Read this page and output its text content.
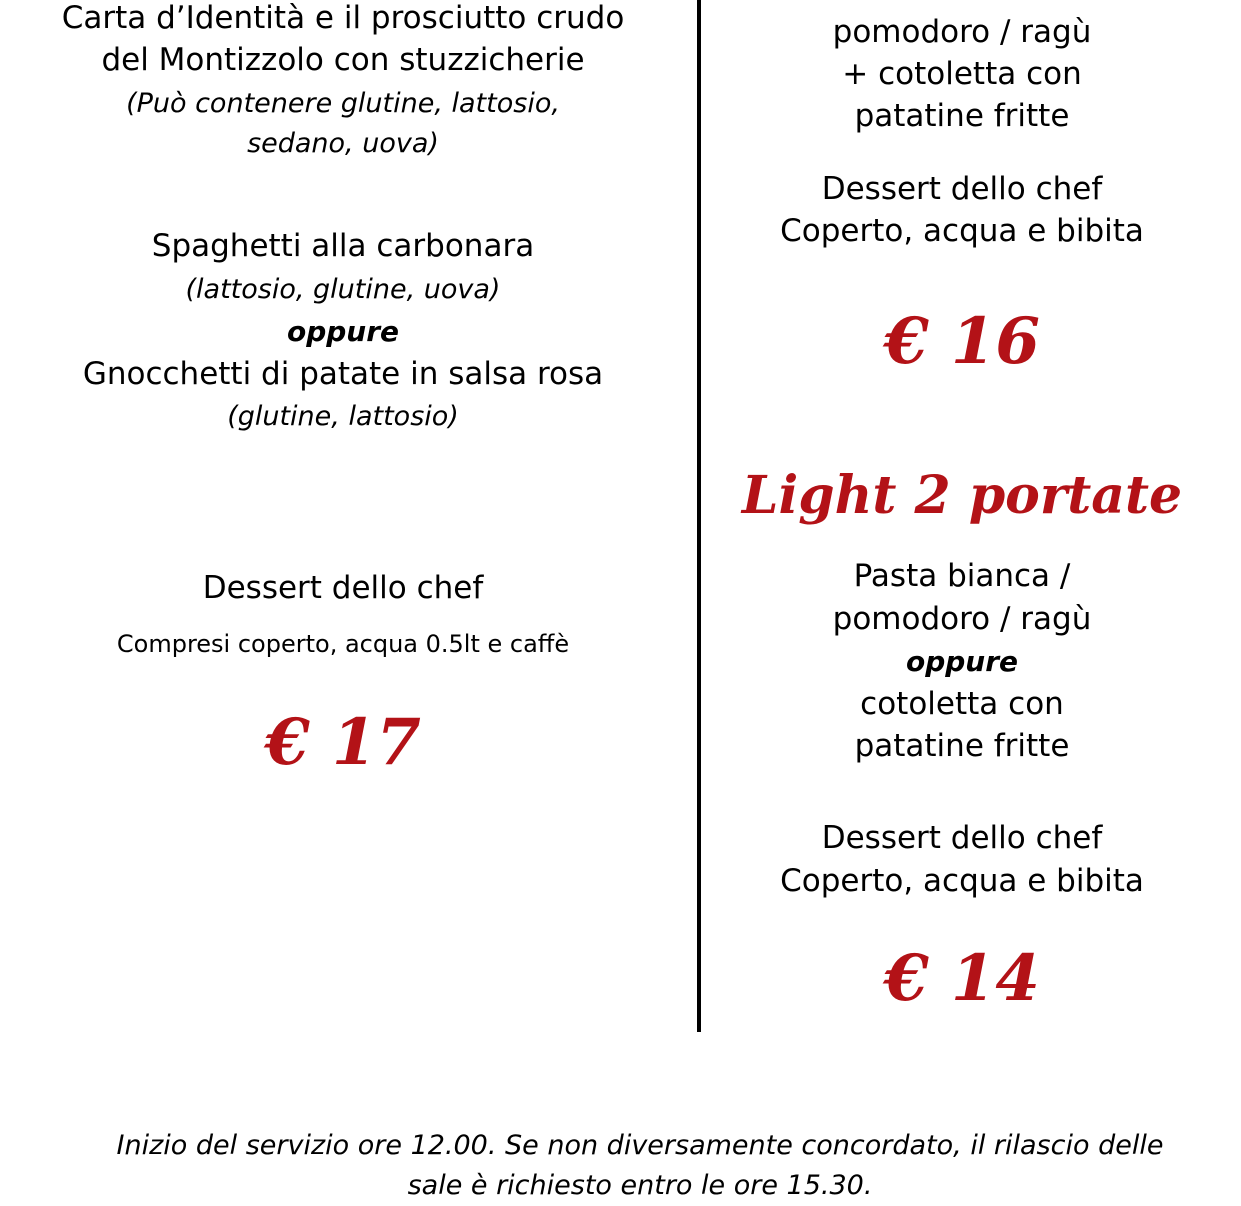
Carta d’Identità e il prosciutto crudo
del Montizzolo con stuzzicherie
(Può contenere glutine, lattosio,
sedano, uova)
Spaghetti alla carbonara
(lattosio, glutine, uova)
oppure
Gnocchetti di patate in salsa rosa
(glutine, lattosio)
Dessert dello chef
Compresi coperto, acqua 0.5lt e caffè
€ 17
pomodoro / ragù
+ cotoletta con
patatine fritte
Dessert dello chef
Coperto, acqua e bibita
€ 16
Light 2 portate
Pasta bianca /
pomodoro / ragù
oppure
cotoletta con
patatine fritte
Dessert dello chef
Coperto, acqua e bibita
€ 14
Inizio del servizio ore 12.00. Se non diversamente concordato, il rilascio delle
sale è richiesto entro le ore 15.30.
